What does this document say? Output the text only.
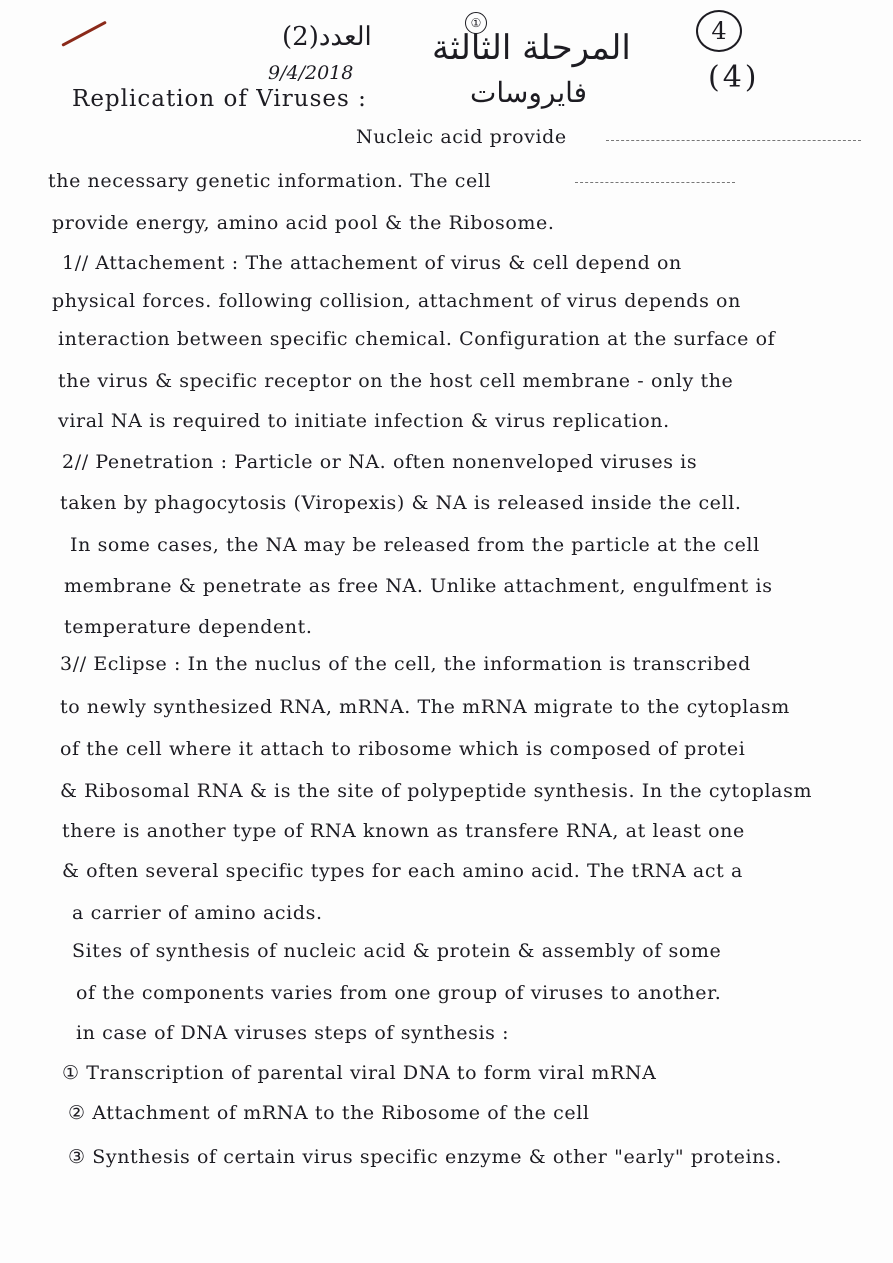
4
①
العدد(2) المرحلة الثالثة
9/4/2018
فايروسات	(4)
Replication of Viruses :
Nucleic acid provide
the necessary genetic information. The cell
provide energy, amino acid pool & the Ribosome.
1// Attachement : The attachement of virus & cell depend on
physical forces. following collision, attachment of virus depends on
interaction between specific chemical. Configuration at the surface of
the virus & specific receptor on the host cell membrane - only the
viral NA is required to initiate infection & virus replication.
2// Penetration : Particle or NA. often nonenveloped viruses is
taken by phagocytosis (Viropexis) & NA is released inside the cell.
In some cases, the NA may be released from the particle at the cell
membrane & penetrate as free NA. Unlike attachment, engulfment is
temperature dependent.
3// Eclipse : In the nuclus of the cell, the information is transcribed
to newly synthesized RNA, mRNA. The mRNA migrate to the cytoplasm
of the cell where it attach to ribosome which is composed of protei
& Ribosomal RNA & is the site of polypeptide synthesis. In the cytoplasm
there is another type of RNA known as transfere RNA, at least one
& often several specific types for each amino acid. The tRNA act a
a carrier of amino acids.
Sites of synthesis of nucleic acid & protein & assembly of some
of the components varies from one group of viruses to another.
in case of DNA viruses steps of synthesis :
① Transcription of parental viral DNA to form viral mRNA
② Attachment of mRNA to the Ribosome of the cell
③ Synthesis of certain virus specific enzyme & other "early" proteins.
